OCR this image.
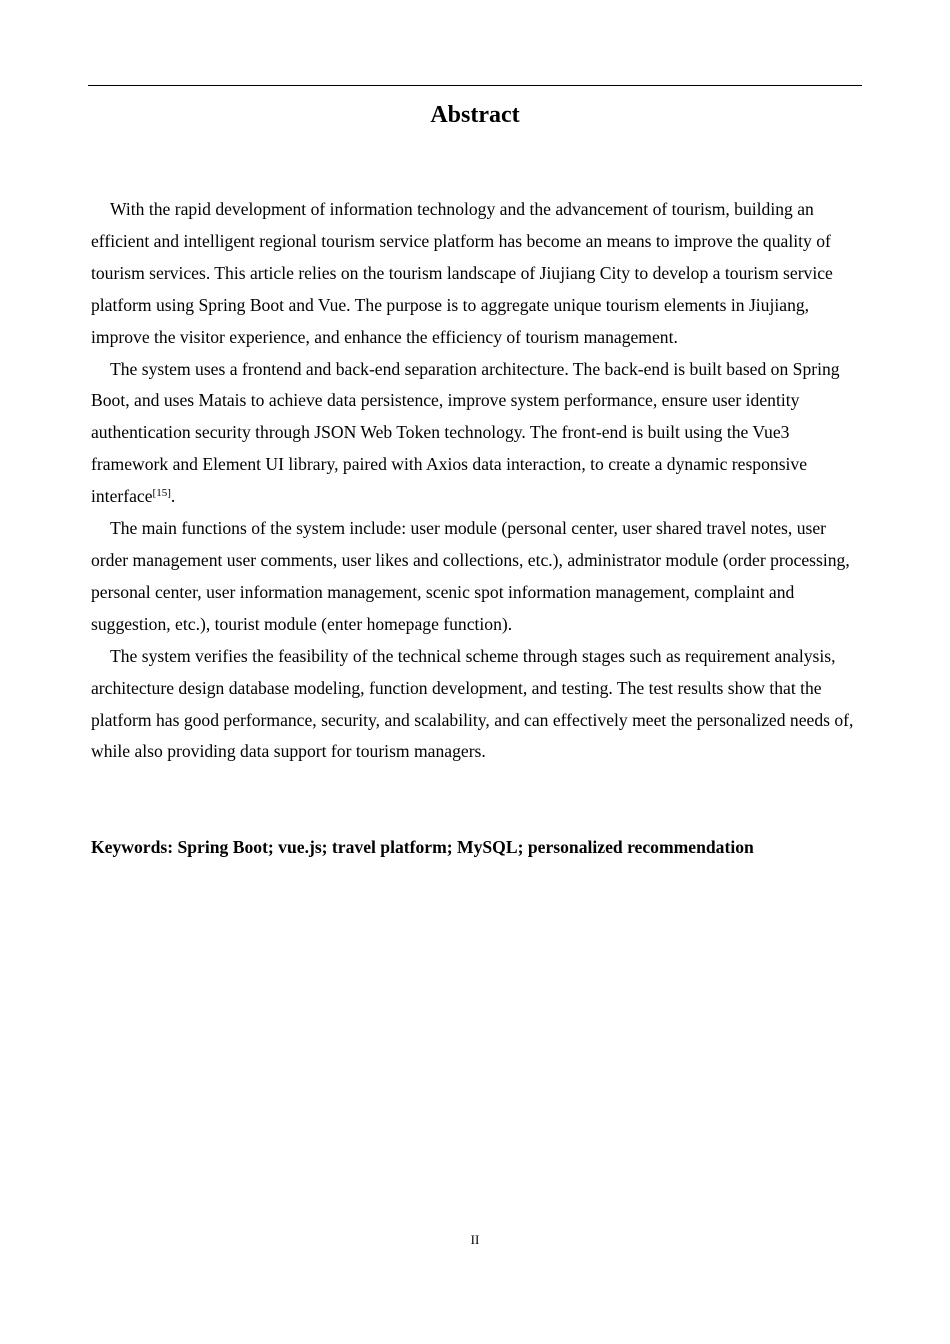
Abstract

With the rapid development of information technology and the advancement of tourism, building an efficient and intelligent regional tourism service platform has become an means to improve the quality of tourism services. This article relies on the tourism landscape of Jiujiang City to develop a tourism service platform using Spring Boot and Vue. The purpose is to aggregate unique tourism elements in Jiujiang, improve the visitor experience, and enhance the efficiency of tourism management.

The system uses a frontend and back-end separation architecture. The back-end is built based on Spring Boot, and uses Matais to achieve data persistence, improve system performance, ensure user identity authentication security through JSON Web Token technology. The front-end is built using the Vue3 framework and Element UI library, paired with Axios data interaction, to create a dynamic responsive interface[15].

The main functions of the system include: user module (personal center, user shared travel notes, user order management user comments, user likes and collections, etc.), administrator module (order processing, personal center, user information management, scenic spot information management, complaint and suggestion, etc.), tourist module (enter homepage function).

The system verifies the feasibility of the technical scheme through stages such as requirement analysis, architecture design database modeling, function development, and testing. The test results show that the platform has good performance, security, and scalability, and can effectively meet the personalized needs of, while also providing data support for tourism managers.

Keywords: Spring Boot; vue.js; travel platform; MySQL; personalized recommendation

II
